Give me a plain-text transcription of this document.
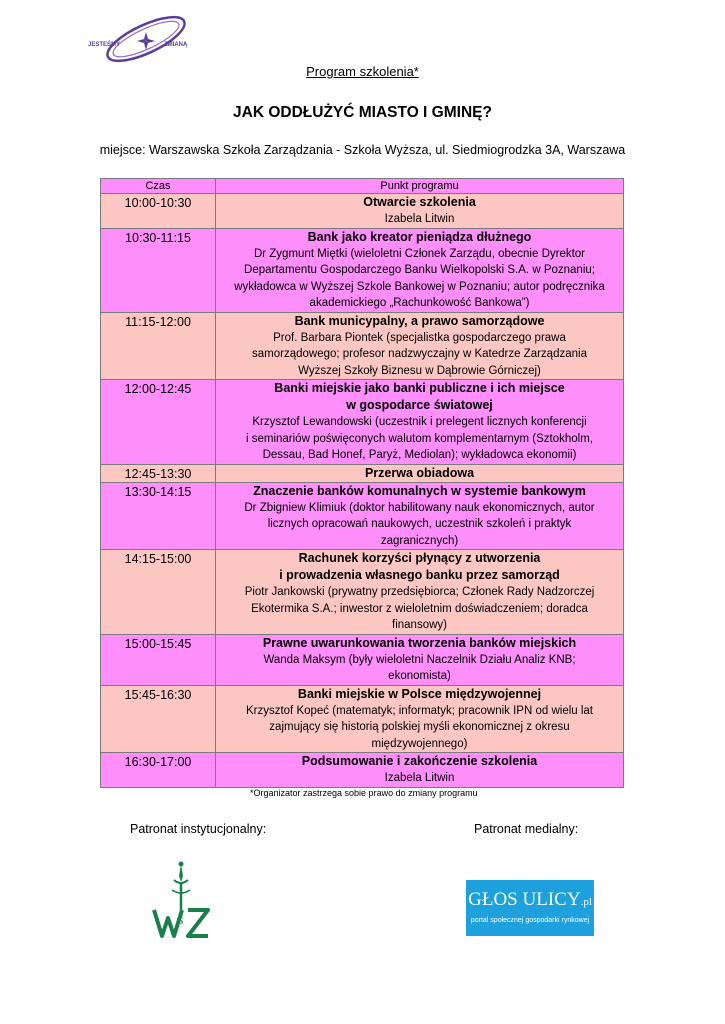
JESTEŚMY	ZMIANĄ
Program szkolenia*
JAK ODDŁUŻYĆ MIASTO I GMINĘ?
miejsce: Warszawska Szkoła Zarządzania - Szkoła Wyższa, ul. Siedmiogrodzka 3A, Warszawa
Czas	Punkt programu

10:00-10:30	Otwarcie szkolenia
Izabela Litwin

10:30-11:15	Bank jako kreator pieniądza dłużnego
Dr Zygmunt Miętki (wieloletni Członek Zarządu, obecnie Dyrektor
Departamentu Gospodarczego Banku Wielkopolski S.A. w Poznaniu;
wykładowca w Wyższej Szkole Bankowej w Poznaniu; autor podręcznika
akademickiego „Rachunkowość Bankowa”)

11:15-12:00	Bank municypalny, a prawo samorządowe
Prof. Barbara Piontek (specjalistka gospodarczego prawa
samorządowego; profesor nadzwyczajny w Katedrze Zarządzania
Wyższej Szkoły Biznesu w Dąbrowie Górniczej)

12:00-12:45	Banki miejskie jako banki publiczne i ich miejsce
w gospodarce światowej
Krzysztof Lewandowski (uczestnik i prelegent licznych konferencji
i seminariów poświęconych walutom komplementarnym (Sztokholm,
Dessau, Bad Honef, Paryż, Mediolan); wykładowca ekonomii)

12:45-13:30	Przerwa obiadowa

13:30-14:15	Znaczenie banków komunalnych w systemie bankowym
Dr Zbigniew Klimiuk (doktor habilitowany nauk ekonomicznych, autor
licznych opracowań naukowych, uczestnik szkoleń i praktyk
zagranicznych)

14:15-15:00	Rachunek korzyści płynący z utworzenia
i prowadzenia własnego banku przez samorząd
Piotr Jankowski (prywatny przedsiębiorca; Członek Rady Nadzorczej
Ekotermika S.A.; inwestor z wieloletnim doświadczeniem; doradca
finansowy)

15:00-15:45	Prawne uwarunkowania tworzenia banków miejskich
Wanda Maksym (były wieloletni Naczelnik Działu Analiz KNB;
ekonomista)

15:45-16:30	Banki miejskie w Polsce międzywojennej
Krzysztof Kopeć (matematyk; informatyk; pracownik IPN od wielu lat
zajmujący się historią polskiej myśli ekonomicznej z okresu
międzywojennego)

16:30-17:00	Podsumowanie i zakończenie szkolenia
Izabela Litwin
*Organizator zastrzega sobie prawo do zmiany programu
Patronat instytucjonalny:	Patronat medialny:
s
GŁOS ULICY.pl
portal społecznej gospodarki rynkowej
